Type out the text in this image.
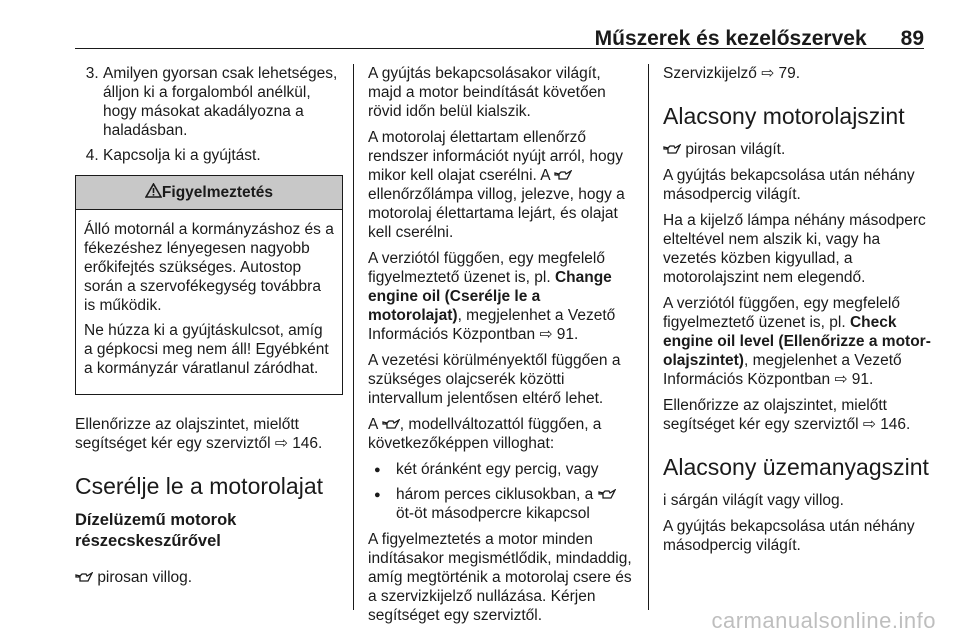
Műszerek és kezelőszervek 89
3. Amilyen gyorsan csak lehetséges, álljon ki a forgalomból anélkül, hogy másokat akadályozna a haladásban.
4. Kapcsolja ki a gyújtást.
Figyelmeztetés

Álló motornál a kormányzáshoz és a fékezéshez lényegesen nagyobb erőkifejtés szükséges. Autostop során a szervofékegység továbbra is működik.

Ne húzza ki a gyújtáskulcsot, amíg a gépkocsi meg nem áll! Egyébként a kormányzár váratlanul záródhat.

Ellenőrizze az olajszintet, mielőtt segítséget kér egy szerviztől ⇨ 146.

Cserélje le a motorolajat
Dízelüzemű motorok részecskeszűrővel

pirosan villog.

A gyújtás bekapcsolásakor világít, majd a motor beindítását követően rövid időn belül kialszik.

A motorolaj élettartam ellenőrző rendszer információt nyújt arról, hogy mikor kell olajat cserélni. A  ellenőrzőlámpa villog, jelezve, hogy a motorolaj élettartama lejárt, és olajat kell cserélni.

A verziótól függően, egy megfelelő figyelmeztető üzenet is, pl. Change engine oil (Cserélje le a motorolajat), megjelenhet a Vezető Információs Központban ⇨ 91.

A vezetési körülményektől függően a szükséges olajcserék közötti intervallum jelentősen eltérő lehet.

A , modellváltozattól függően, a következőképpen villoghat:

● két óránként egy percig, vagy
● három perces ciklusokban, a  öt-öt másodpercre kikapcsol

A figyelmeztetés a motor minden indításakor megismétlődik, mindaddig, amíg megtörténik a motorolaj csere és a szervizkijelző nullázása. Kérjen segítséget egy szerviztől.

Szervizkijelző ⇨ 79.

Alacsony motorolajszint

pirosan világít.

A gyújtás bekapcsolása után néhány másodpercig világít.

Ha a kijelző lámpa néhány másodperc elteltével nem alszik ki, vagy ha vezetés közben kigyullad, a motorolajszint nem elegendő.

A verziótól függően, egy megfelelő figyelmeztető üzenet is, pl. Check engine oil level (Ellenőrizze a motorolajszintet), megjelenhet a Vezető Információs Központban ⇨ 91.

Ellenőrizze az olajszintet, mielőtt segítséget kér egy szerviztől ⇨ 146.

Alacsony üzemanyagszint

i sárgán világít vagy villog.

A gyújtás bekapcsolása után néhány másodpercig világít.

carmanualsonline.info
